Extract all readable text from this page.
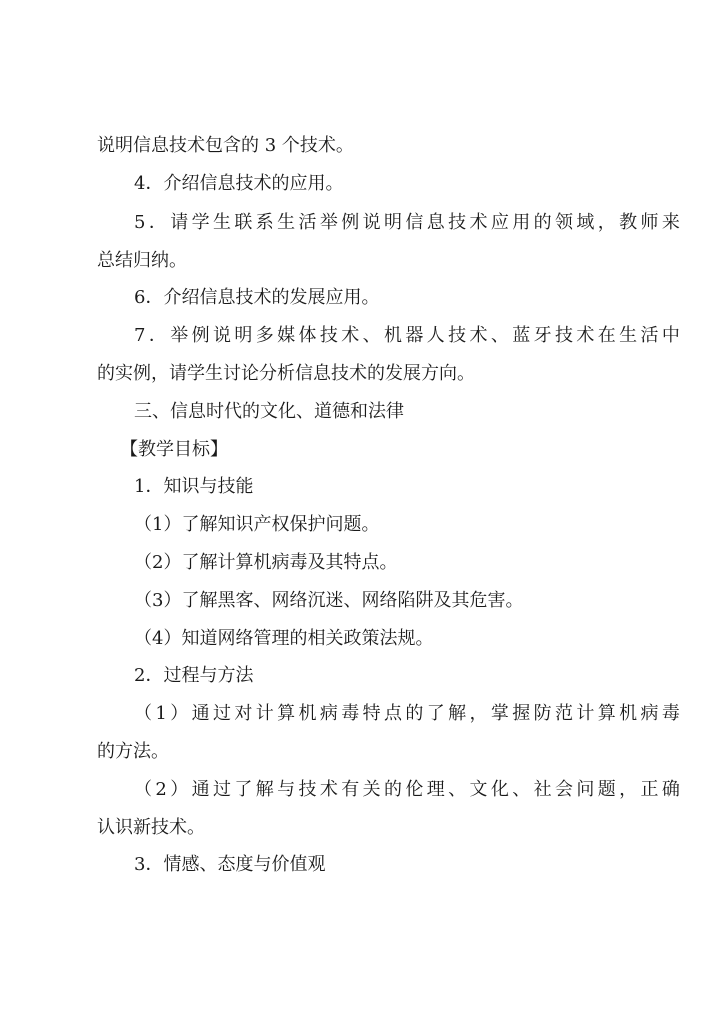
说明信息技术包含的 3 个技术。
4．介绍信息技术的应用。
5 ． 请 学 生 联 系 生 活 举 例 说 明 信 息 技 术 应 用 的 领 域 ， 教 师 来
总结归纳。
6．介绍信息技术的发展应用。
7 ． 举 例 说 明 多 媒 体 技 术 、 机 器 人 技 术 、 蓝 牙 技 术 在 生 活 中
的实例，请学生讨论分析信息技术的发展方向。
三、信息时代的文化、道德和法律
【教学目标】
1．知识与技能
（1）了解知识产权保护问题。
（2）了解计算机病毒及其特点。
（3）了解黑客、网络沉迷、网络陷阱及其危害。
（4）知道网络管理的相关政策法规。
2．过程与方法
（ 1 ） 通 过 对 计 算 机 病 毒 特 点 的 了 解 ， 掌 握 防 范 计 算 机 病 毒
的方法。
（ 2 ） 通 过 了 解 与 技 术 有 关 的 伦 理 、 文 化 、 社 会 问 题 ， 正 确
认识新技术。
3．情感、态度与价值观
